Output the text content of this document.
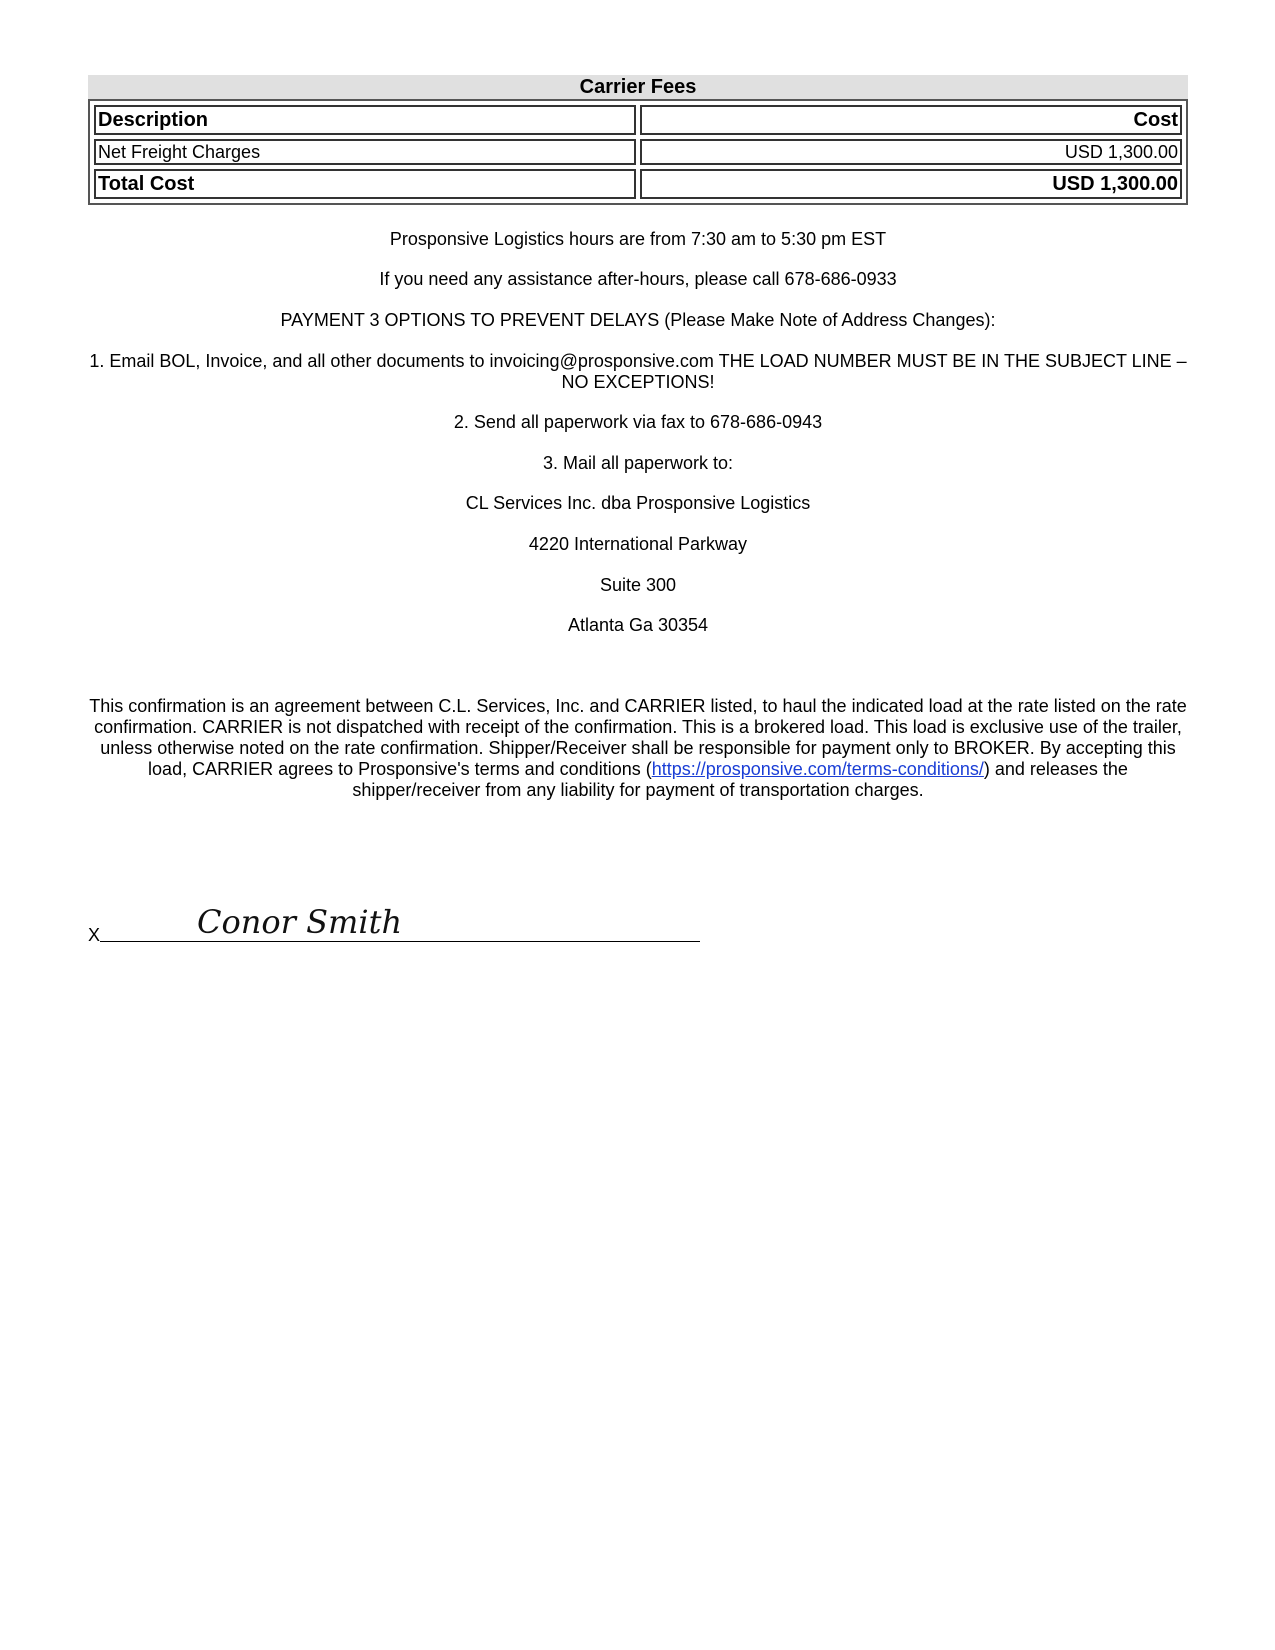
Carrier Fees
Description	Cost
Net Freight Charges	USD 1,300.00
Total Cost	USD 1,300.00
Prosponsive Logistics hours are from 7:30 am to 5:30 pm EST
If you need any assistance after-hours, please call 678-686-0933
PAYMENT 3 OPTIONS TO PREVENT DELAYS (Please Make Note of Address Changes):
1. Email BOL, Invoice, and all other documents to invoicing@prosponsive.com THE LOAD NUMBER MUST BE IN THE SUBJECT LINE – NO EXCEPTIONS!
2. Send all paperwork via fax to 678-686-0943
3. Mail all paperwork to:
CL Services Inc. dba Prosponsive Logistics
4220 International Parkway
Suite 300
Atlanta Ga 30354
This confirmation is an agreement between C.L. Services, Inc. and CARRIER listed, to haul the indicated load at the rate listed on the rate confirmation. CARRIER is not dispatched with receipt of the confirmation. This is a brokered load. This load is exclusive use of the trailer, unless otherwise noted on the rate confirmation. Shipper/Receiver shall be responsible for payment only to BROKER. By accepting this load, CARRIER agrees to Prosponsive's terms and conditions (https://prosponsive.com/terms-conditions/) and releases the shipper/receiver from any liability for payment of transportation charges.
X	Conor Smith
